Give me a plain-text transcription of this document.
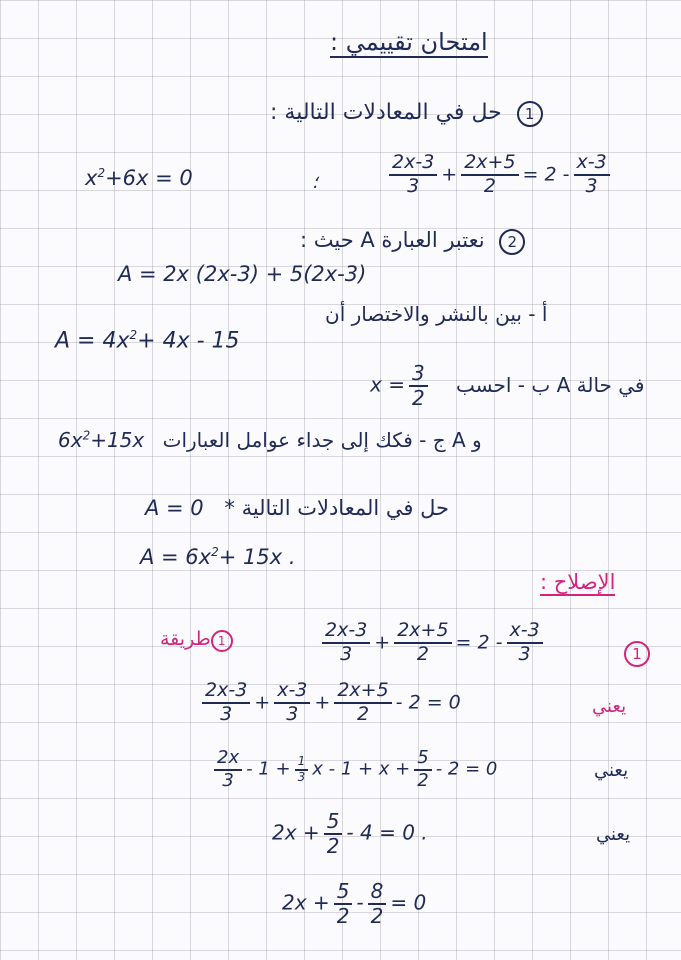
امتحان تقييمي :
1 حل في المعادلات التالية :
$x^2+6x = 0$	؛	$\frac{2x-3}{3} + \frac{2x+5}{2} = 2 - \frac{x-3}{3}$
2 نعتبر العبارة A حيث :
A = 2x (2x-3) + 5(2x-3)
أ - بين بالنشر والاختصار أن
$A = 4x^2+ 4x - 15$
$x = \frac{3}{2}$ ب - احسب A في حالة
$6x^2+15x$ ج - فكك إلى جداء عوامل العبارات A و
A = 0 * حل في المعادلات التالية
$A = 6x^2+ 15x$ .
الإصلاح :
1طريقة	$\frac{2x-3}{3} + \frac{2x+5}{2} = 2 - \frac{x-3}{3}$	1
$\frac{2x-3}{3} + \frac{x-3}{3} + \frac{2x+5}{2} - 2 = 0$	يعني
$\frac{2x}{3} - 1 + \frac{1}{3}$ $x - 1 + x + \frac{5}{2} - 2 = 0$	يعني
$2x + \frac{5}{2} - 4 = 0$ .	يعني
$2x + \frac{5}{2} - \frac{8}{2} = 0$
